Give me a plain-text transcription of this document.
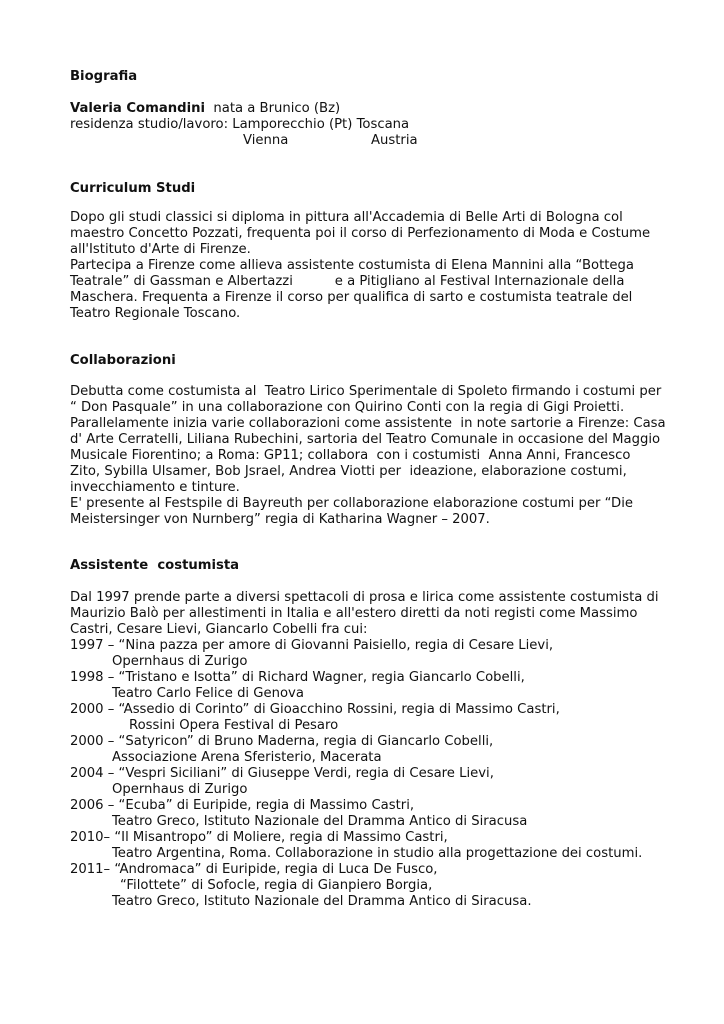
Biografia
Valeria Comandini nata a Brunico (Bz)
residenza studio/lavoro: Lamporecchio (Pt) Toscana
Vienna	Austria
Curriculum Studi
Dopo gli studi classici si diploma in pittura all'Accademia di Belle Arti di Bologna col
maestro Concetto Pozzati, frequenta poi il corso di Perfezionamento di Moda e Costume
all'Istituto d'Arte di Firenze.
Partecipa a Firenze come allieva assistente costumista di Elena Mannini alla “Bottega
Teatrale” di Gassman e Albertazzi          e a Pitigliano al Festival Internazionale della
Maschera. Frequenta a Firenze il corso per qualifica di sarto e costumista teatrale del
Teatro Regionale Toscano.
Collaborazioni
Debutta come costumista al  Teatro Lirico Sperimentale di Spoleto firmando i costumi per
“ Don Pasquale” in una collaborazione con Quirino Conti con la regia di Gigi Proietti.
Parallelamente inizia varie collaborazioni come assistente  in note sartorie a Firenze: Casa
d' Arte Cerratelli, Liliana Rubechini, sartoria del Teatro Comunale in occasione del Maggio
Musicale Fiorentino; a Roma: GP11; collabora  con i costumisti  Anna Anni, Francesco
Zito, Sybilla Ulsamer, Bob Jsrael, Andrea Viotti per  ideazione, elaborazione costumi,
invecchiamento e tinture.
E' presente al Festspile di Bayreuth per collaborazione elaborazione costumi per “Die
Meistersinger von Nurnberg” regia di Katharina Wagner – 2007.
Assistente  costumista
Dal 1997 prende parte a diversi spettacoli di prosa e lirica come assistente costumista di
Maurizio Balò per allestimenti in Italia e all'estero diretti da noti registi come Massimo
Castri, Cesare Lievi, Giancarlo Cobelli fra cui:
1997 – “Nina pazza per amore di Giovanni Paisiello, regia di Cesare Lievi,
Opernhaus di Zurigo
1998 – “Tristano e Isotta” di Richard Wagner, regia Giancarlo Cobelli,
Teatro Carlo Felice di Genova
2000 – “Assedio di Corinto” di Gioacchino Rossini, regia di Massimo Castri,
Rossini Opera Festival di Pesaro
2000 – “Satyricon” di Bruno Maderna, regia di Giancarlo Cobelli,
Associazione Arena Sferisterio, Macerata
2004 – “Vespri Siciliani” di Giuseppe Verdi, regia di Cesare Lievi,
Opernhaus di Zurigo
2006 – “Ecuba” di Euripide, regia di Massimo Castri,
Teatro Greco, Istituto Nazionale del Dramma Antico di Siracusa
2010– “Il Misantropo” di Moliere, regia di Massimo Castri,
Teatro Argentina, Roma. Collaborazione in studio alla progettazione dei costumi.
2011– “Andromaca” di Euripide, regia di Luca De Fusco,
“Filottete” di Sofocle, regia di Gianpiero Borgia,
Teatro Greco, Istituto Nazionale del Dramma Antico di Siracusa.
